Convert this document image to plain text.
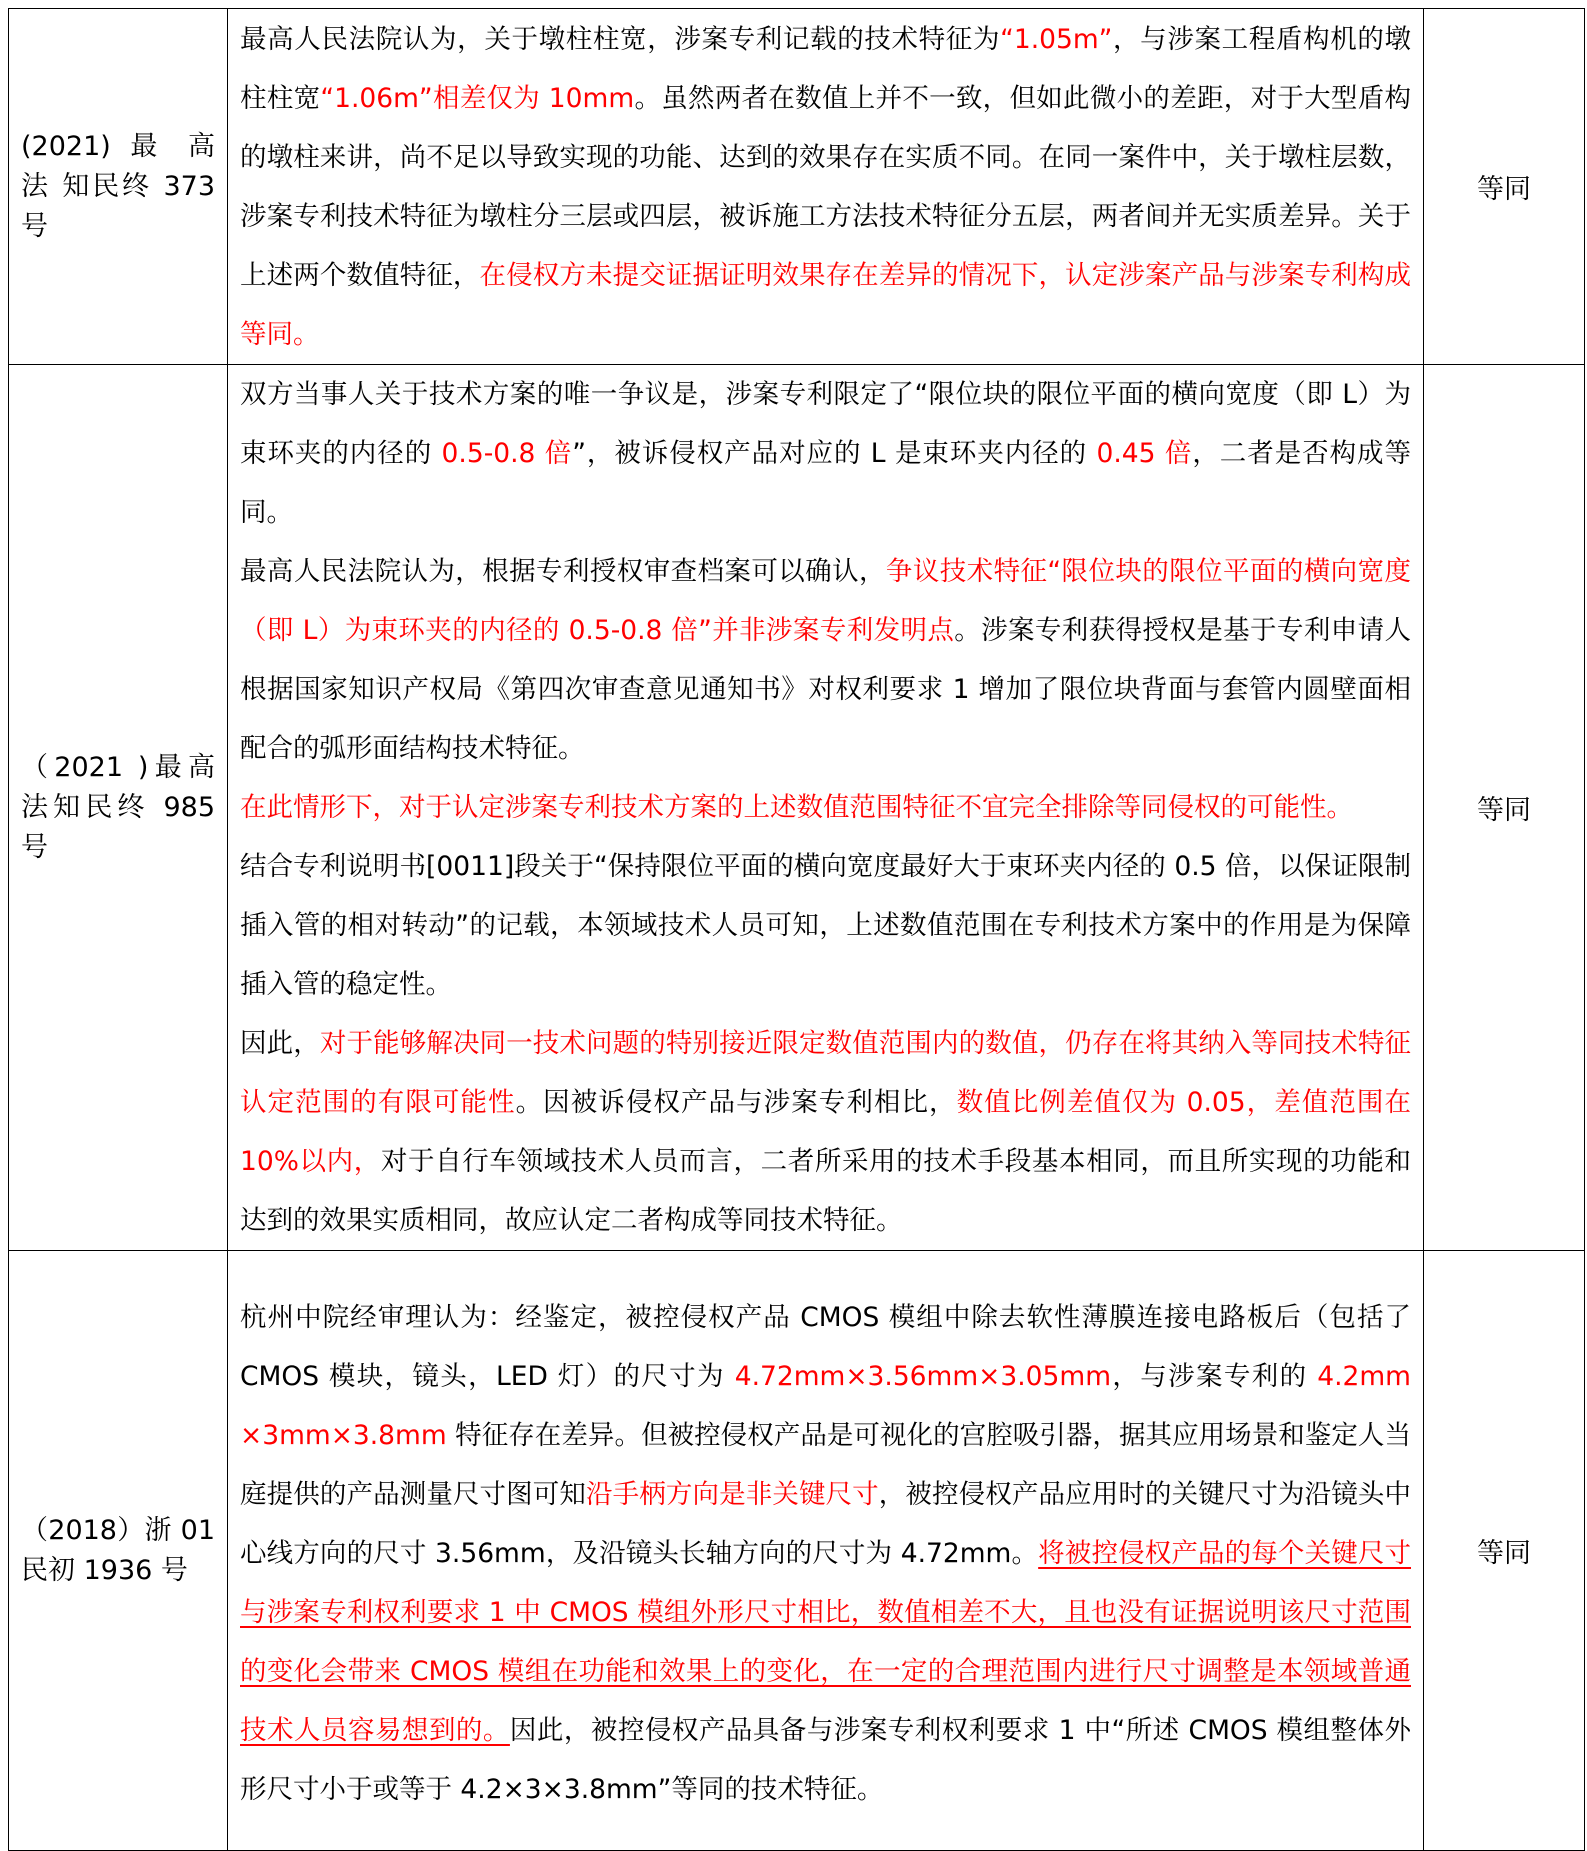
(2021) 最 高 法 知民终 373 号	最高人民法院认为，关于墩柱柱宽，涉案专利记载的技术特征为“1.05m”，与涉案工程盾构机的墩柱柱宽“1.06m”相差仅为 10mm。虽然两者在数值上并不一致，但如此微小的差距，对于大型盾构的墩柱来讲，尚不足以导致实现的功能、达到的效果存在实质不同。在同一案件中，关于墩柱层数，涉案专利技术特征为墩柱分三层或四层，被诉施工方法技术特征分五层，两者间并无实质差异。关于上述两个数值特征，在侵权方未提交证据证明效果存在差异的情况下，认定涉案产品与涉案专利构成等同。	等同

（2021 )最高法知民终 985 号	双方当事人关于技术方案的唯一争议是，涉案专利限定了“限位块的限位平面的横向宽度（即 L）为束环夹的内径的 0.5-0.8 倍”，被诉侵权产品对应的 L 是束环夹内径的 0.45 倍，二者是否构成等同。

最高人民法院认为，根据专利授权审查档案可以确认，争议技术特征“限位块的限位平面的横向宽度（即 L）为束环夹的内径的 0.5-0.8 倍”并非涉案专利发明点。涉案专利获得授权是基于专利申请人根据国家知识产权局《第四次审查意见通知书》对权利要求 1 增加了限位块背面与套管内圆壁面相配合的弧形面结构技术特征。

在此情形下，对于认定涉案专利技术方案的上述数值范围特征不宜完全排除等同侵权的可能性。

结合专利说明书[0011]段关于“保持限位平面的横向宽度最好大于束环夹内径的 0.5 倍，以保证限制插入管的相对转动”的记载，本领域技术人员可知，上述数值范围在专利技术方案中的作用是为保障插入管的稳定性。

因此，对于能够解决同一技术问题的特别接近限定数值范围内的数值，仍存在将其纳入等同技术特征认定范围的有限可能性。因被诉侵权产品与涉案专利相比，数值比例差值仅为 0.05，差值范围在 10%以内，对于自行车领域技术人员而言，二者所采用的技术手段基本相同，而且所实现的功能和达到的效果实质相同，故应认定二者构成等同技术特征。	等同

（2018）浙 01 民初 1936 号	杭州中院经审理认为：经鉴定，被控侵权产品 CMOS 模组中除去软性薄膜连接电路板后（包括了 CMOS 模块，镜头，LED 灯）的尺寸为 4.72mm×3.56mm×3.05mm，与涉案专利的 4.2mm ×3mm×3.8mm 特征存在差异。但被控侵权产品是可视化的宫腔吸引器，据其应用场景和鉴定人当庭提供的产品测量尺寸图可知沿手柄方向是非关键尺寸，被控侵权产品应用时的关键尺寸为沿镜头中心线方向的尺寸 3.56mm，及沿镜头长轴方向的尺寸为 4.72mm。将被控侵权产品的每个关键尺寸与涉案专利权利要求 1 中 CMOS 模组外形尺寸相比，数值相差不大，且也没有证据说明该尺寸范围的变化会带来 CMOS 模组在功能和效果上的变化，在一定的合理范围内进行尺寸调整是本领域普通技术人员容易想到的。因此，被控侵权产品具备与涉案专利权利要求 1 中“所述 CMOS 模组整体外形尺寸小于或等于 4.2×3×3.8mm”等同的技术特征。	等同
